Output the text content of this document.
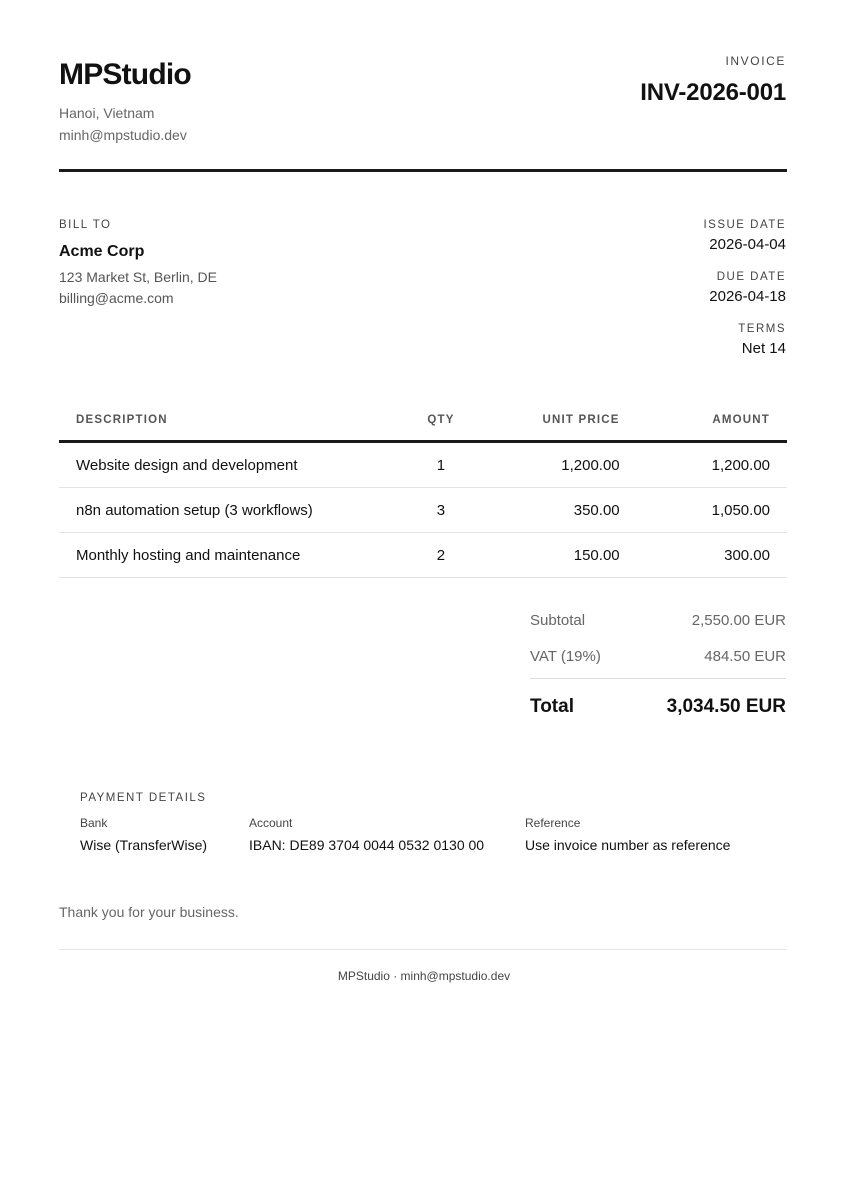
MPStudio
Hanoi, Vietnam
minh@mpstudio.dev
INVOICE
INV-2026-001
BILL TO
Acme Corp
123 Market St, Berlin, DE
billing@acme.com
ISSUE DATE
2026-04-04
DUE DATE
2026-04-18
TERMS
Net 14
DESCRIPTION	QTY	UNIT PRICE	AMOUNT
Website design and development	1	1,200.00	1,200.00
n8n automation setup (3 workflows)	3	350.00	1,050.00
Monthly hosting and maintenance	2	150.00	300.00
Subtotal	2,550.00 EUR
VAT (19%)	484.50 EUR
Total	3,034.50 EUR
PAYMENT DETAILS
Bank
Wise (TransferWise)
Account
IBAN: DE89 3704 0044 0532 0130 00
Reference
Use invoice number as reference
Thank you for your business.
MPStudio · minh@mpstudio.dev
